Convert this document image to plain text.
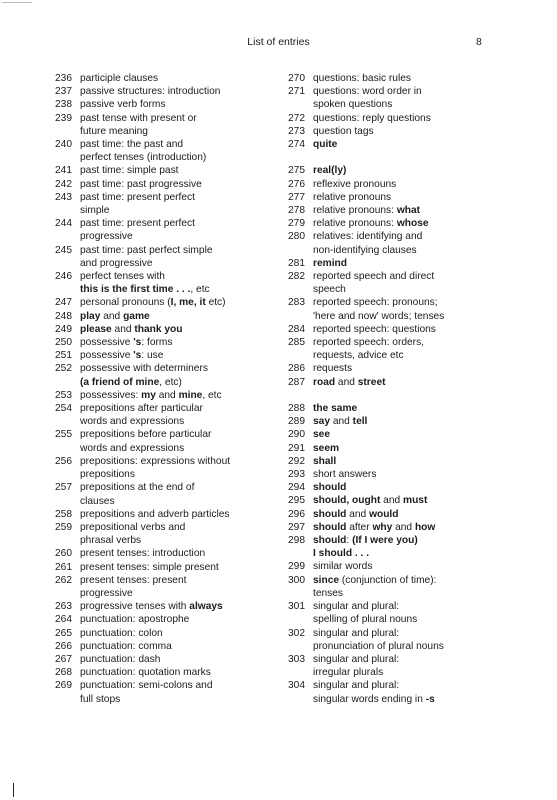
List of entries	8
236 participle clauses
237 passive structures: introduction
238 passive verb forms
239 past tense with present or
future meaning
240 past time: the past and
perfect tenses (introduction)
241 past time: simple past
242 past time: past progressive
243 past time: present perfect
simple
244 past time: present perfect
progressive
245 past time: past perfect simple
and progressive
246 perfect tenses with
this is the first time . . ., etc
247 personal pronouns (I, me, it etc)
248 play and game
249 please and thank you
250 possessive 's: forms
251 possessive 's: use
252 possessive with determiners
(a friend of mine, etc)
253 possessives: my and mine, etc
254 prepositions after particular
words and expressions
255 prepositions before particular
words and expressions
256 prepositions: expressions without
prepositions
257 prepositions at the end of
clauses
258 prepositions and adverb particles
259 prepositional verbs and
phrasal verbs
260 present tenses: introduction
261 present tenses: simple present
262 present tenses: present
progressive
263 progressive tenses with always
264 punctuation: apostrophe
265 punctuation: colon
266 punctuation: comma
267 punctuation: dash
268 punctuation: quotation marks
269 punctuation: semi-colons and
full stops
270 questions: basic rules
271 questions: word order in
spoken questions
272 questions: reply questions
273 question tags
274 quite
275 real(ly)
276 reflexive pronouns
277 relative pronouns
278 relative pronouns: what
279 relative pronouns: whose
280 relatives: identifying and
non-identifying clauses
281 remind
282 reported speech and direct
speech
283 reported speech: pronouns;
'here and now' words; tenses
284 reported speech: questions
285 reported speech: orders,
requests, advice etc
286 requests
287 road and street
288 the same
289 say and tell
290 see
291 seem
292 shall
293 short answers
294 should
295 should, ought and must
296 should and would
297 should after why and how
298 should: (If I were you)
I should . . .
299 similar words
300 since (conjunction of time):
tenses
301 singular and plural:
spelling of plural nouns
302 singular and plural:
pronunciation of plural nouns
303 singular and plural:
irregular plurals
304 singular and plural:
singular words ending in -s
